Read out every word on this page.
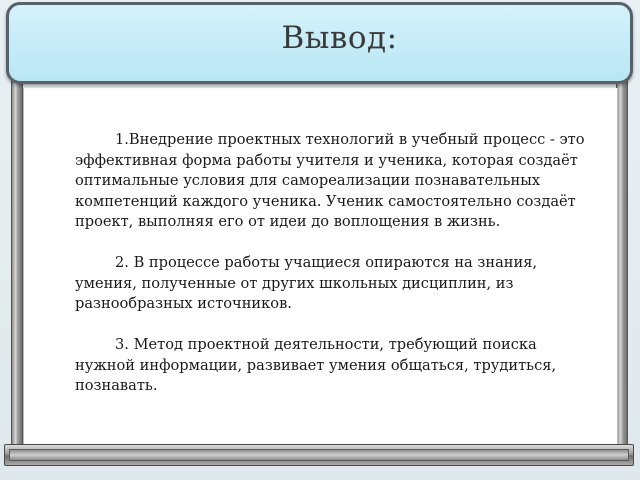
Вывод:

1.Внедрение проектных технологий в учебный процесс - это эффективная форма работы учителя и ученика, которая создаёт оптимальные условия для самореализации познавательных компетенций каждого ученика. Ученик самостоятельно создаёт проект, выполняя его от идеи до воплощения в жизнь.

2. В процессе работы учащиеся опираются на знания, умения, полученные от других школьных дисциплин, из разнообразных источников.

3. Метод проектной деятельности, требующий поиска нужной информации, развивает умения общаться, трудиться, познавать.
